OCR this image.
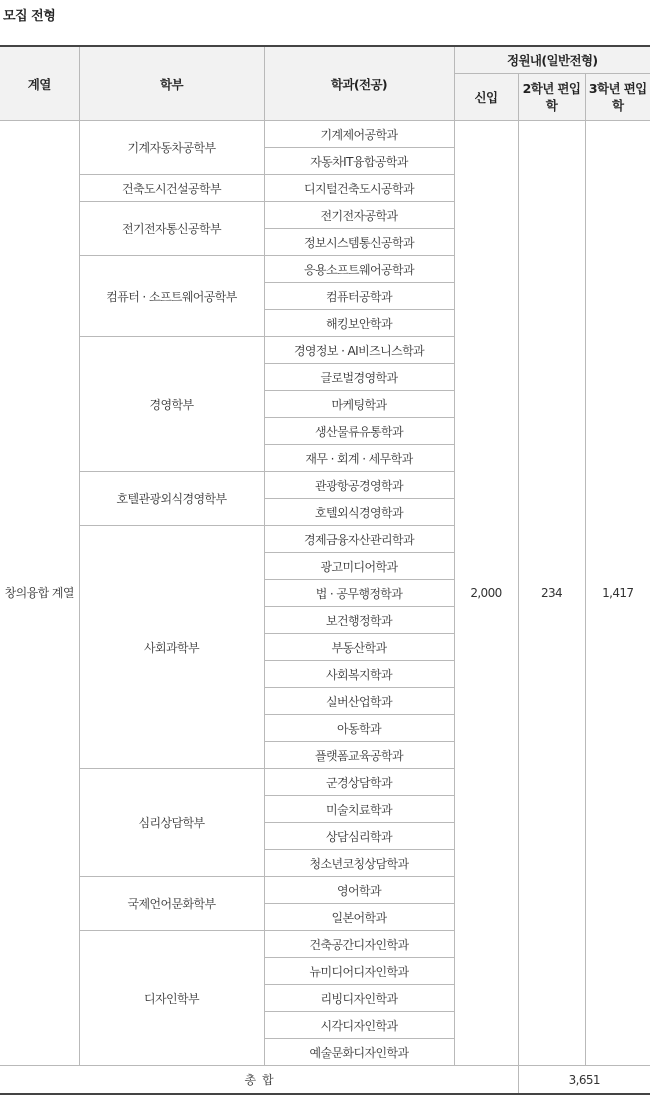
모집 전형
계열	학부	학과(전공)	정원내(일반전형)		
			신입	2학년 편입학	3학년 편입학
창의융합 계열	기계자동차공학부	기계제어공학과	2,000	234	1,417
		자동차IT융합공학과			
	건축도시건설공학부	디지털건축도시공학과			
	전기전자통신공학부	전기전자공학과			
		정보시스템통신공학과			
	컴퓨터 · 소프트웨어공학부	응용소프트웨어공학과			
		컴퓨터공학과			
		해킹보안학과			
	경영학부	경영정보 · AI비즈니스학과			
		글로벌경영학과			
		마케팅학과			
		생산물류유통학과			
		재무 · 회계 · 세무학과			
	호텔관광외식경영학부	관광항공경영학과			
		호텔외식경영학과			
	사회과학부	경제금융자산관리학과			
		광고미디어학과			
		법 · 공무행정학과			
		보건행정학과			
		부동산학과			
		사회복지학과			
		실버산업학과			
		아동학과			
		플랫폼교육공학과			
	심리상담학부	군경상담학과			
		미술치료학과			
		상담심리학과			
		청소년코칭상담학과			
	국제언어문화학부	영어학과			
		일본어학과			
	디자인학부	건축공간디자인학과			
		뉴미디어디자인학과			
		리빙디자인학과			
		시각디자인학과			
		예술문화디자인학과			
총  합				3,651	
